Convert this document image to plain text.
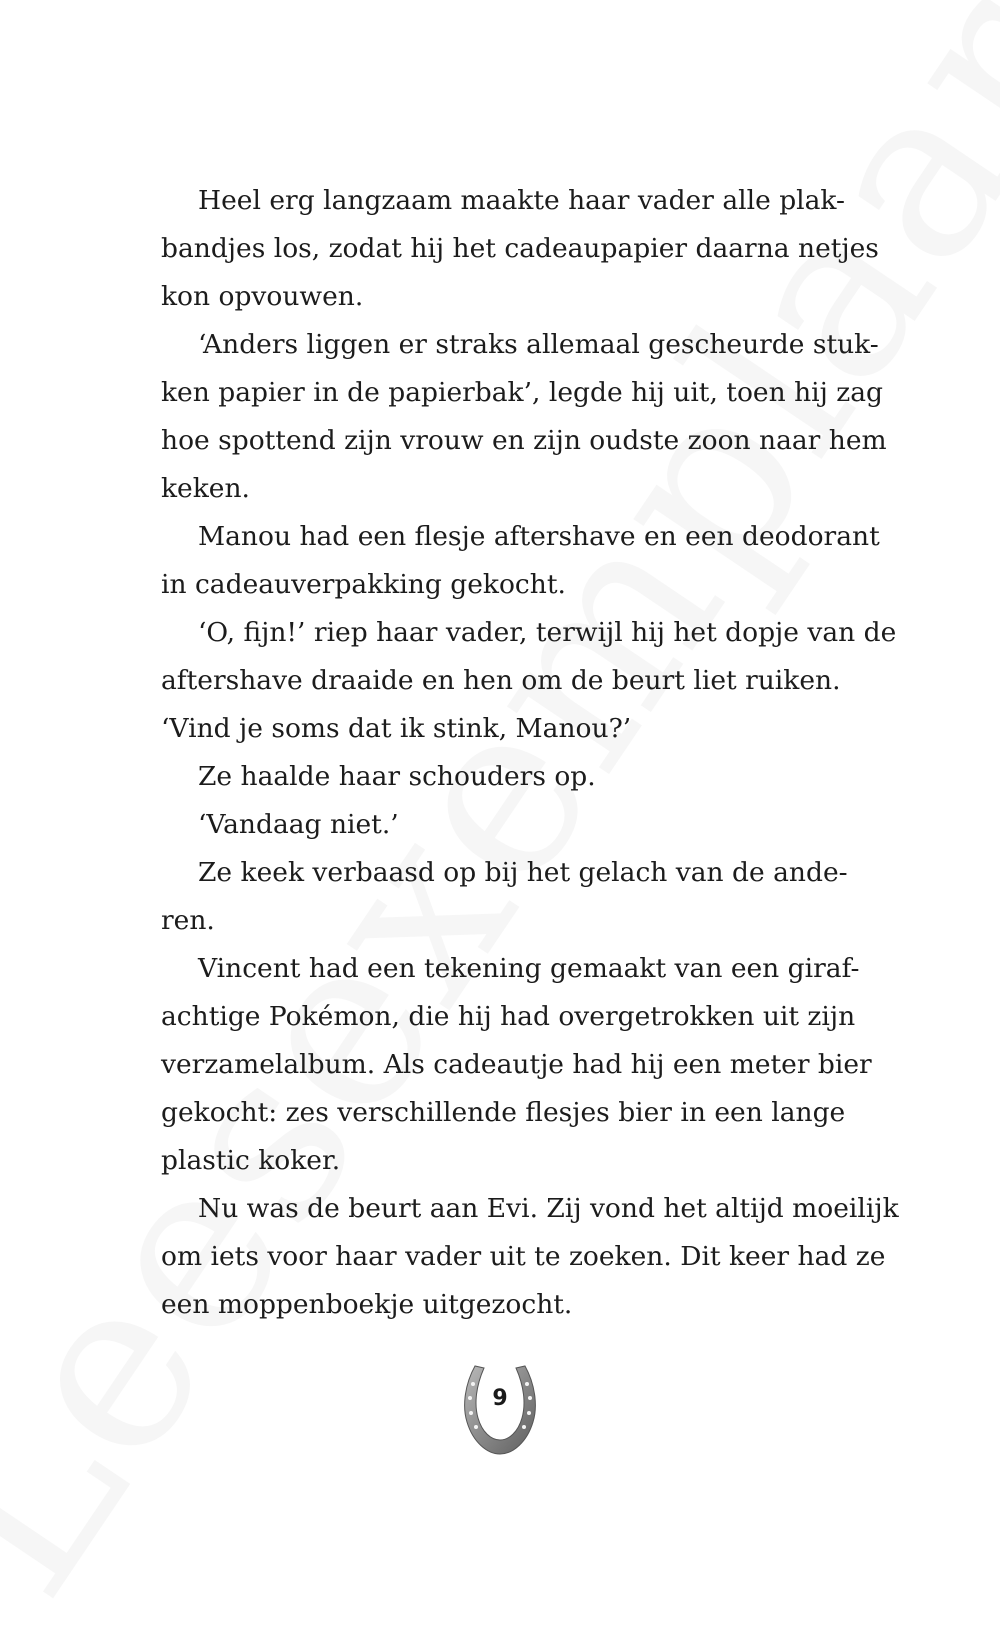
Heel erg langzaam maakte haar vader alle plak-
bandjes los, zodat hij het cadeaupapier daarna netjes
kon opvouwen.
‘Anders liggen er straks allemaal gescheurde stuk-
ken papier in de papierbak’, legde hij uit, toen hij zag
hoe spottend zijn vrouw en zijn oudste zoon naar hem
keken.
Manou had een flesje aftershave en een deodorant
in cadeauverpakking gekocht.
‘O, fijn!’ riep haar vader, terwijl hij het dopje van de
aftershave draaide en hen om de beurt liet ruiken.
‘Vind je soms dat ik stink, Manou?’
Ze haalde haar schouders op.
‘Vandaag niet.’
Ze keek verbaasd op bij het gelach van de ande-
ren.
Vincent had een tekening gemaakt van een giraf-
achtige Pokémon, die hij had overgetrokken uit zijn
verzamelalbum. Als cadeautje had hij een meter bier
gekocht: zes verschillende flesjes bier in een lange
plastic koker.
Nu was de beurt aan Evi. Zij vond het altijd moeilijk
om iets voor haar vader uit te zoeken. Dit keer had ze
een moppenboekje uitgezocht.
9
